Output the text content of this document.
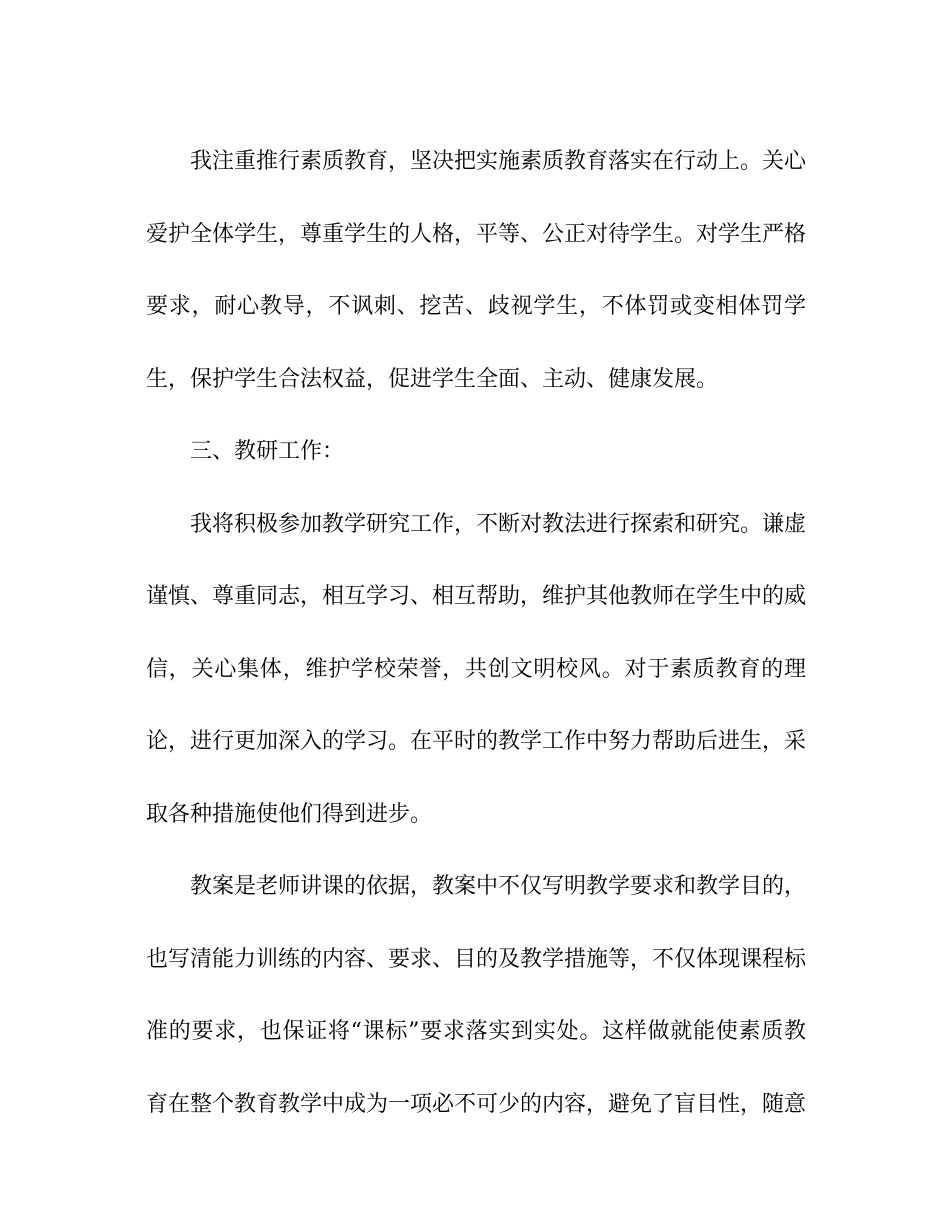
我注重推行素质教育，坚决把实施素质教育落实在行动上。关心爱护全体学生，尊重学生的人格，平等、公正对待学生。对学生严格要求，耐心教导，不讽刺、挖苦、歧视学生，不体罚或变相体罚学生，保护学生合法权益，促进学生全面、主动、健康发展。

三、教研工作：

我将积极参加教学研究工作，不断对教法进行探索和研究。谦虚谨慎、尊重同志，相互学习、相互帮助，维护其他教师在学生中的威信，关心集体，维护学校荣誉，共创文明校风。对于素质教育的理论，进行更加深入的学习。在平时的教学工作中努力帮助后进生，采取各种措施使他们得到进步。

教案是老师讲课的依据，教案中不仅写明教学要求和教学目的，也写清能力训练的内容、要求、目的及教学措施等，不仅体现课程标准的要求，也保证将“课标”要求落实到实处。这样做就能使素质教育在整个教育教学中成为一项必不可少的内容，避免了盲目性，随意
